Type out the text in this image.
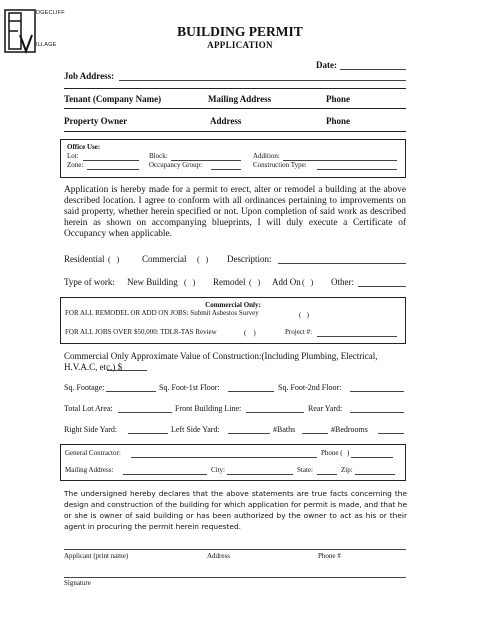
DGECLIFF
ILLAGE
BUILDING PERMIT
APPLICATION
Date:
Job Address:
Tenant (Company Name)	Mailing Address	Phone
Property Owner	Address	Phone
Office Use:
Lot:	Block:	Addition:
Zone:	Occupancy Group:	Construction Type:
Application is hereby made for a permit to erect, alter or remodel a building at the above described location. I agree to conform with all ordinances pertaining to improvements on said property, whether herein specified or not. Upon completion of said work as described herein as shown on accompanying blueprints, I will duly execute a Certificate of Occupancy when applicable.
Residential (   )	Commercial (   ) Description:
Type of work: New Building (   ) Remodel (   ) Add On (   ) Other:
Commercial Only:
FOR ALL REMODEL OR ADD ON JOBS: Submit Asbestos Survey	(   )
FOR ALL JOBS OVER $50,000: TDLR-TAS Review	(    )	Project #:
Commercial Only Approximate Value of Construction:(Including Plumbing, Electrical, H.V.A.C, etc.) $
Sq. Footage:	Sq. Foot-1st Floor:	Sq. Foot-2nd Floor:
Total Lot Area:	Front Building Line:	Rear Yard:
Right Side Yard:	Left Side Yard:	#Baths	#Bedrooms
General Contractor:	Phone ( )
Mailing Address:	City:	State:	Zip:
The undersigned hereby declares that the above statements are true facts concerning the design and construction of the building for which application for permit is made, and that he or she is owner of said building or has been authorized by the owner to act as his or their agent in procuring the permit herein requested.
Applicant (print name)	Address	Phone #
Signature
